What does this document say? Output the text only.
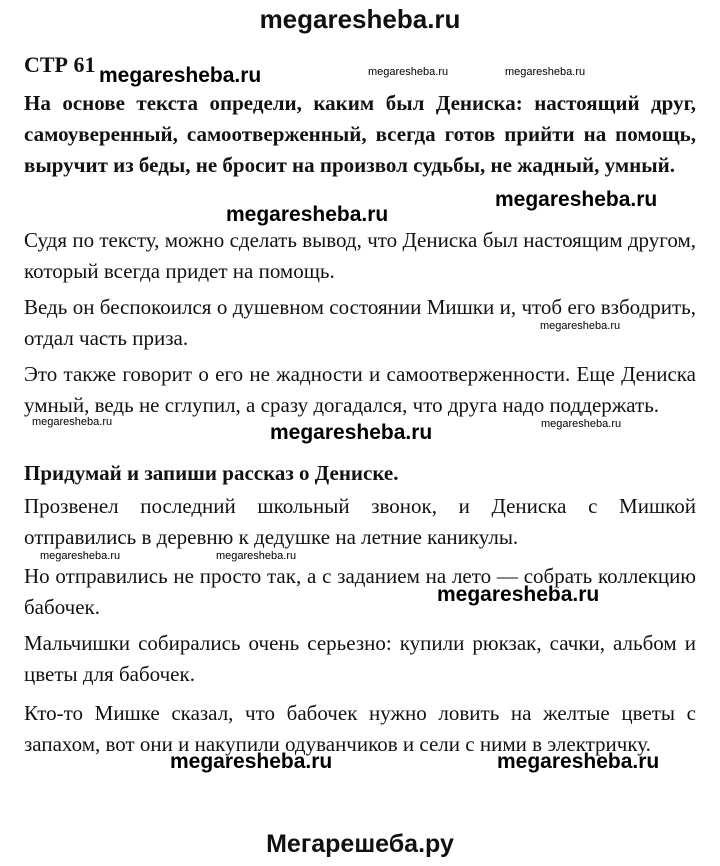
megaresheba.ru
СТР 61
На основе текста определи, каким был Дениска: настоящий друг, самоуверенный, самоотверженный, всегда готов прийти на помощь, выручит из беды, не бросит на произвол судьбы, не жадный, умный.
Судя по тексту, можно сделать вывод, что Дениска был настоящим другом, который всегда придет на помощь.
Ведь он беспокоился о душевном состоянии Мишки и, чтоб его взбодрить, отдал часть приза.
Это также говорит о его не жадности и самоотверженности. Еще Дениска умный, ведь не сглупил, а сразу догадался, что друга надо поддержать.
Придумай и запиши рассказ о Дениске.
Прозвенел последний школьный звонок, и Дениска с Мишкой отправились в деревню к дедушке на летние каникулы.
Но отправились не просто так, а с заданием на лето — собрать коллекцию бабочек.
Мальчишки собирались очень серьезно: купили рюкзак, сачки, альбом и цветы для бабочек.
Кто-то Мишке сказал, что бабочек нужно ловить на желтые цветы с запахом, вот они и накупили одуванчиков и сели с ними в электричку.
megaresheba.ru	megaresheba.ru	megaresheba.ru
megaresheba.ru
megaresheba.ru
megaresheba.ru
megaresheba.ru	megaresheba.ru
megaresheba.ru
megaresheba.ru	megaresheba.ru
megaresheba.ru
megaresheba.ru	megaresheba.ru
Мегарешеба.ру
